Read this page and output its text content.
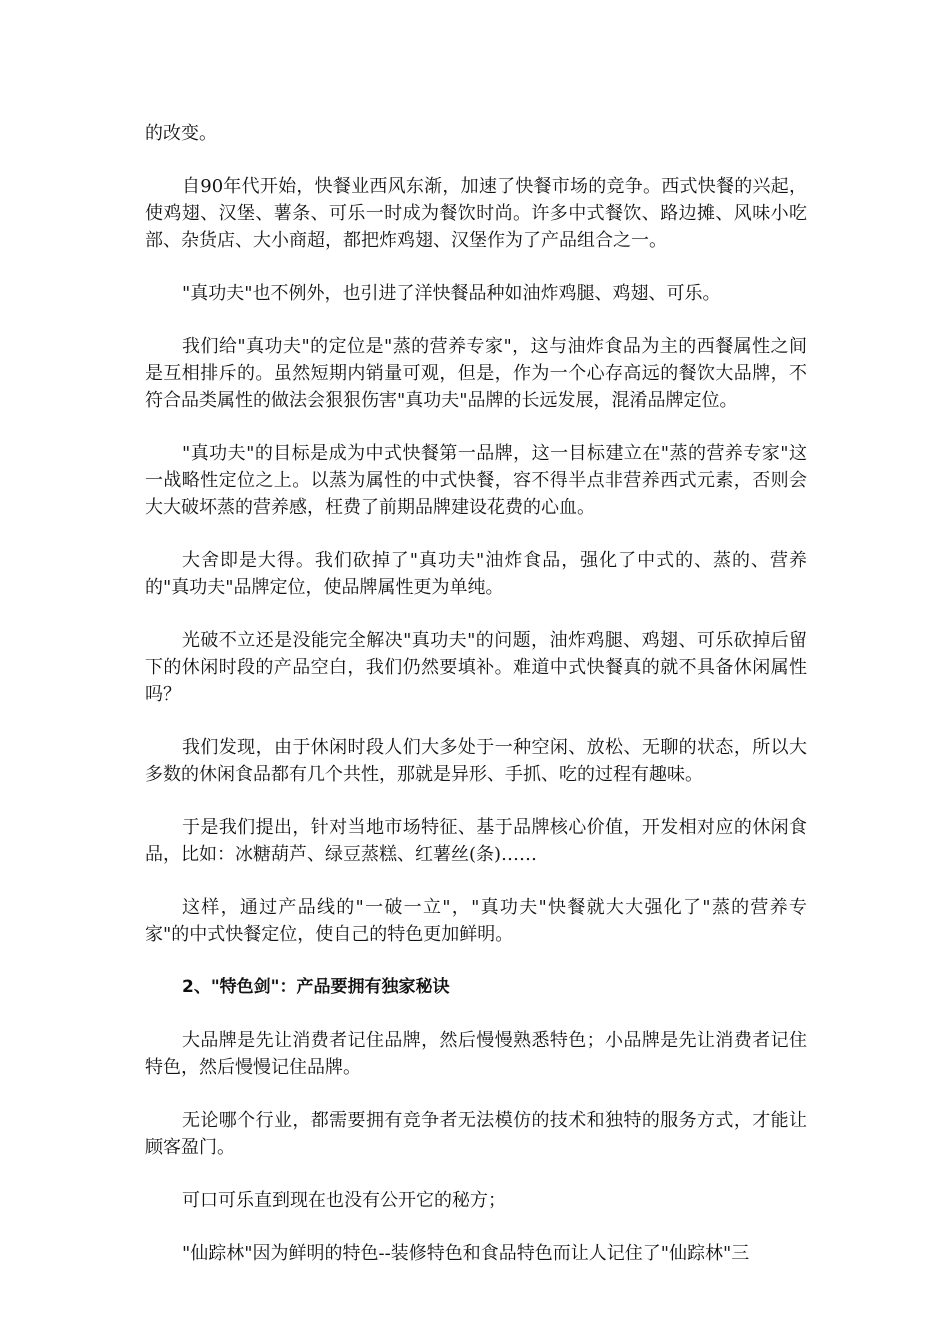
的改变。

自90年代开始，快餐业西风东渐，加速了快餐市场的竞争。西式快餐的兴起，使鸡翅、汉堡、薯条、可乐一时成为餐饮时尚。许多中式餐饮、路边摊、风味小吃部、杂货店、大小商超，都把炸鸡翅、汉堡作为了产品组合之一。

"真功夫"也不例外，也引进了洋快餐品种如油炸鸡腿、鸡翅、可乐。

我们给"真功夫"的定位是"蒸的营养专家"，这与油炸食品为主的西餐属性之间是互相排斥的。虽然短期内销量可观，但是，作为一个心存高远的餐饮大品牌，不符合品类属性的做法会狠狠伤害"真功夫"品牌的长远发展，混淆品牌定位。

"真功夫"的目标是成为中式快餐第一品牌，这一目标建立在"蒸的营养专家"这一战略性定位之上。以蒸为属性的中式快餐，容不得半点非营养西式元素，否则会大大破坏蒸的营养感，枉费了前期品牌建设花费的心血。

大舍即是大得。我们砍掉了"真功夫"油炸食品，强化了中式的、蒸的、营养的"真功夫"品牌定位，使品牌属性更为单纯。

光破不立还是没能完全解决"真功夫"的问题，油炸鸡腿、鸡翅、可乐砍掉后留下的休闲时段的产品空白，我们仍然要填补。难道中式快餐真的就不具备休闲属性吗？

我们发现，由于休闲时段人们大多处于一种空闲、放松、无聊的状态，所以大多数的休闲食品都有几个共性，那就是异形、手抓、吃的过程有趣味。

于是我们提出，针对当地市场特征、基于品牌核心价值，开发相对应的休闲食品，比如：冰糖葫芦、绿豆蒸糕、红薯丝(条)……

这样，通过产品线的"一破一立"，"真功夫"快餐就大大强化了"蒸的营养专家"的中式快餐定位，使自己的特色更加鲜明。

2、"特色剑"：产品要拥有独家秘诀

大品牌是先让消费者记住品牌，然后慢慢熟悉特色；小品牌是先让消费者记住特色，然后慢慢记住品牌。

无论哪个行业，都需要拥有竞争者无法模仿的技术和独特的服务方式，才能让顾客盈门。

可口可乐直到现在也没有公开它的秘方；

"仙踪林"因为鲜明的特色--装修特色和食品特色而让人记住了"仙踪林"三
